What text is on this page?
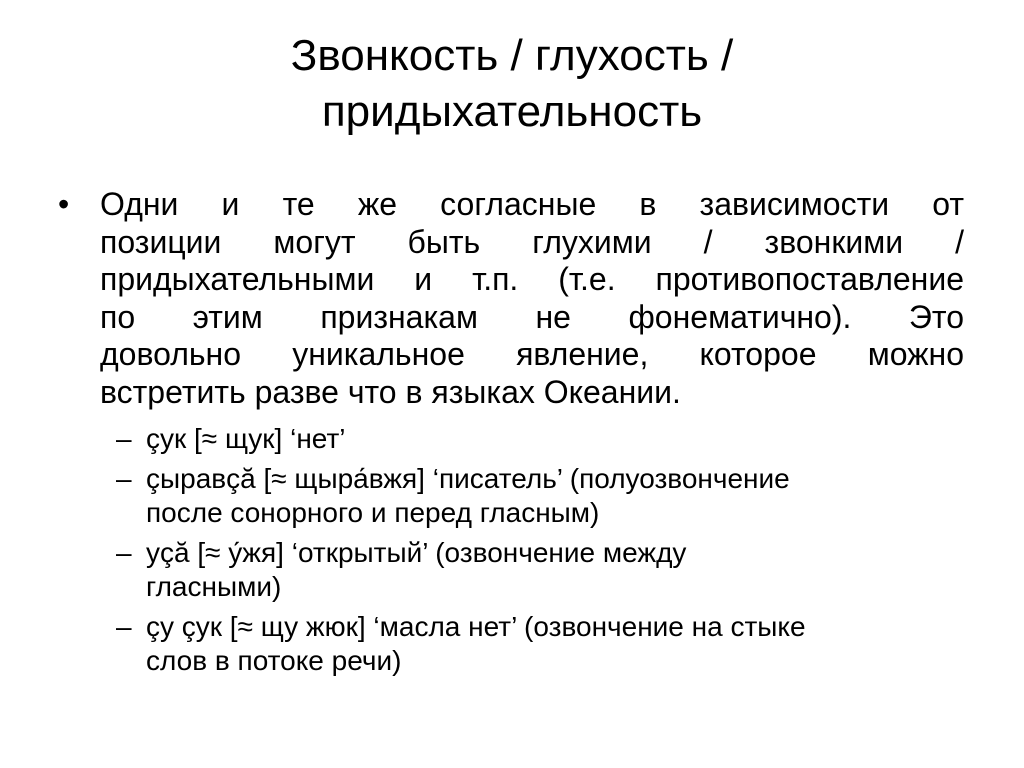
Звонкость / глухость /
придыхательность
• Одни и те же согласные в зависимости от
позиции могут быть глухими / звонкими /
придыхательными и т.п. (т.е. противопоставление
по этим признакам не фонематично). Это
довольно уникальное явление, которое можно
встретить разве что в языках Океании.
– çук [≈ щук] ‘нет’
– çыравçă [≈ щыра́вжя] ‘писатель’ (полуозвончение
после сонорного и перед гласным)
– уçă [≈ у́жя] ‘открытый’ (озвончение между
гласными)
– çу çук [≈ щу жюк] ‘масла нет’ (озвончение на стыке
слов в потоке речи)
